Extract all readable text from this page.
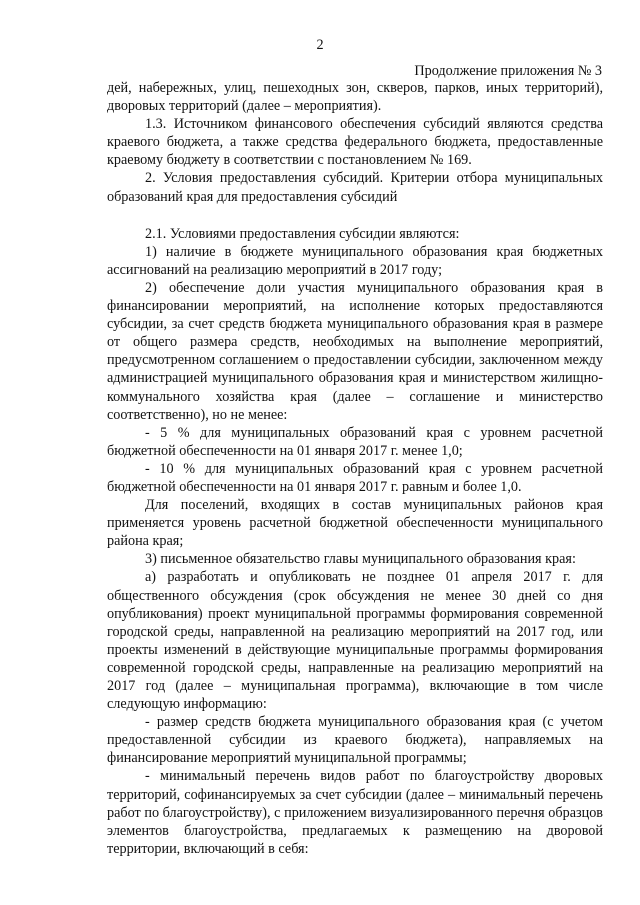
2
Продолжение приложения № 3

дей, набережных, улиц, пешеходных зон, скверов, парков, иных территорий), дворовых территорий (далее – мероприятия).

1.3. Источником финансового обеспечения субсидий являются средства краевого бюджета, а также средства федерального бюджета, предоставленные краевому бюджету в соответствии с постановлением № 169.

2. Условия предоставления субсидий. Критерии отбора муниципальных образований края для предоставления субсидий

2.1. Условиями предоставления субсидии являются:

1) наличие в бюджете муниципального образования края бюджетных ассигнований на реализацию мероприятий в 2017 году;

2) обеспечение доли участия муниципального образования края в финансировании мероприятий, на исполнение которых предоставляются субсидии, за счет средств бюджета муниципального образования края в размере от общего размера средств, необходимых на выполнение мероприятий, предусмотренном соглашением о предоставлении субсидии, заключенном между администрацией муниципального образования края и министерством жилищно-коммунального хозяйства края (далее – соглашение и министерство соответственно), но не менее:

- 5 % для муниципальных образований края с уровнем расчетной бюджетной обеспеченности на 01 января 2017 г. менее 1,0;

- 10 % для муниципальных образований края с уровнем расчетной бюджетной обеспеченности на 01 января 2017 г. равным и более 1,0.

Для поселений, входящих в состав муниципальных районов края применяется уровень расчетной бюджетной обеспеченности муниципального района края;

3) письменное обязательство главы муниципального образования края:

а) разработать и опубликовать не позднее 01 апреля 2017 г. для общественного обсуждения (срок обсуждения не менее 30 дней со дня опубликования) проект муниципальной программы формирования современной городской среды, направленной на реализацию мероприятий на 2017 год, или проекты изменений в действующие муниципальные программы формирования современной городской среды, направленные на реализацию мероприятий на 2017 год (далее – муниципальная программа), включающие в том числе следующую информацию:

- размер средств бюджета муниципального образования края (с учетом предоставленной субсидии из краевого бюджета), направляемых на финансирование мероприятий муниципальной программы;

- минимальный перечень видов работ по благоустройству дворовых территорий, софинансируемых за счет субсидии (далее – минимальный перечень работ по благоустройству), с приложением визуализированного перечня образцов элементов благоустройства, предлагаемых к размещению на дворовой территории, включающий в себя:
